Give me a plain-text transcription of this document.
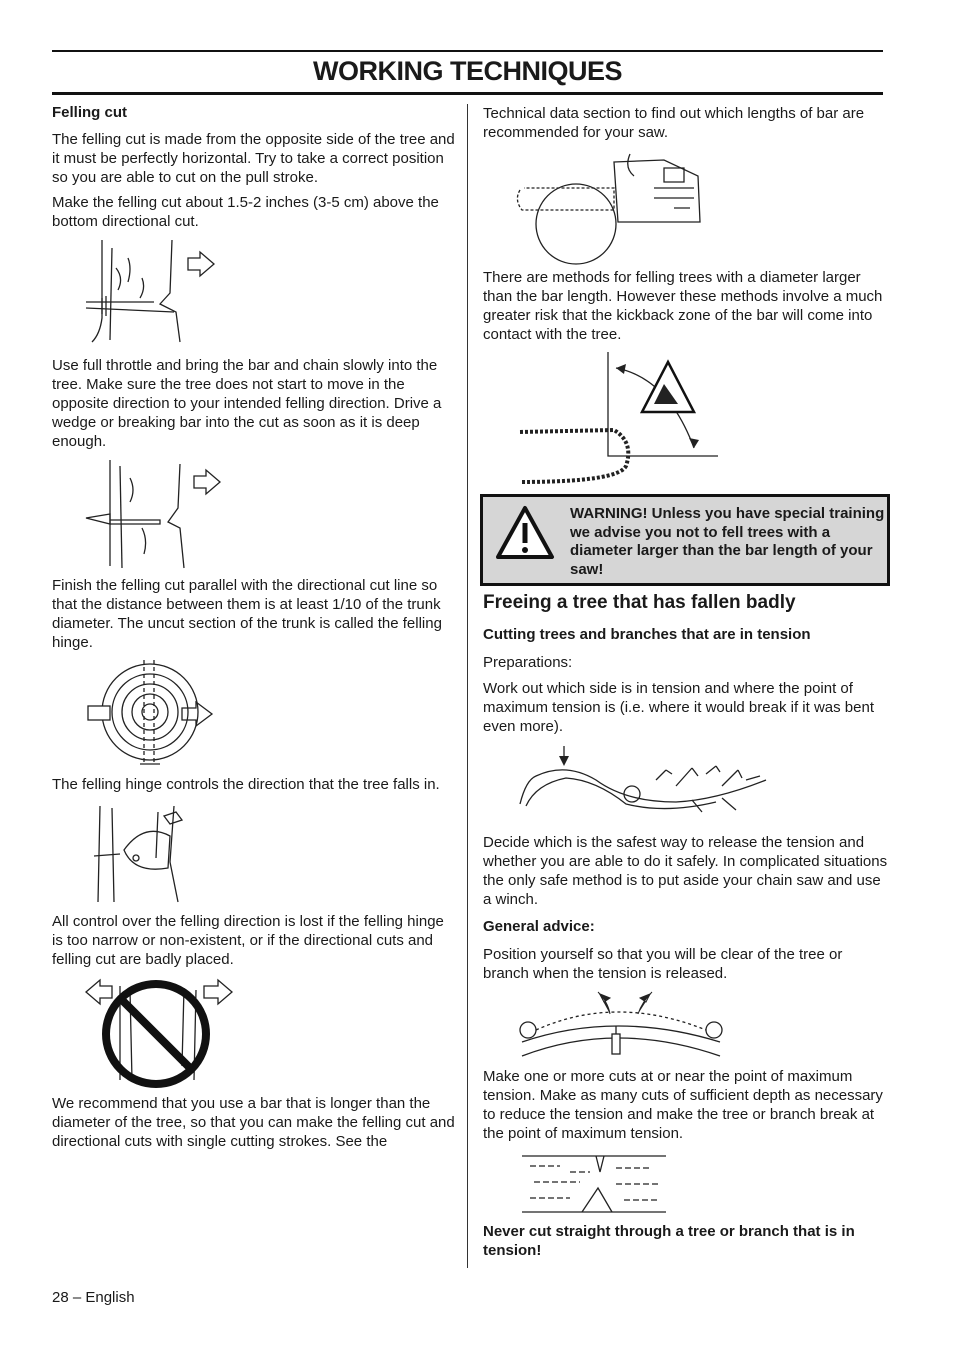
WORKING TECHNIQUES
Felling cut

The felling cut is made from the opposite side of the tree and it must be perfectly horizontal. Try to take a correct position so you are able to cut on the pull stroke.

Make the felling cut about 1.5-2 inches (3-5 cm) above the bottom directional cut.

Use full throttle and bring the bar and chain slowly into the tree. Make sure the tree does not start to move in the opposite direction to your intended felling direction. Drive a wedge or breaking bar into the cut as soon as it is deep enough.

Finish the felling cut parallel with the directional cut line so that the distance between them is at least 1/10 of the trunk diameter. The uncut section of the trunk is called the felling hinge.

The felling hinge controls the direction that the tree falls in.

All control over the felling direction is lost if the felling hinge is too narrow or non-existent, or if the directional cuts and felling cut are badly placed.

We recommend that you use a bar that is longer than the diameter of the tree, so that you can make the felling cut and directional cuts with single cutting strokes. See the

Technical data section to find out which lengths of bar are recommended for your saw.

There are methods for felling trees with a diameter larger than the bar length. However these methods involve a much greater risk that the kickback zone of the bar will come into contact with the tree.

WARNING! Unless you have special training we advise you not to fell trees with a diameter larger than the bar length of your saw!

Freeing a tree that has fallen badly
Cutting trees and branches that are in tension

Preparations:

Work out which side is in tension and where the point of maximum tension is (i.e. where it would break if it was bent even more).

Decide which is the safest way to release the tension and whether you are able to do it safely. In complicated situations the only safe method is to put aside your chain saw and use a winch.

General advice:

Position yourself so that you will be clear of the tree or branch when the tension is released.

Make one or more cuts at or near the point of maximum tension. Make as many cuts of sufficient depth as necessary to reduce the tension and make the tree or branch break at the point of maximum tension.

Never cut straight through a tree or branch that is in tension!

28 – English
